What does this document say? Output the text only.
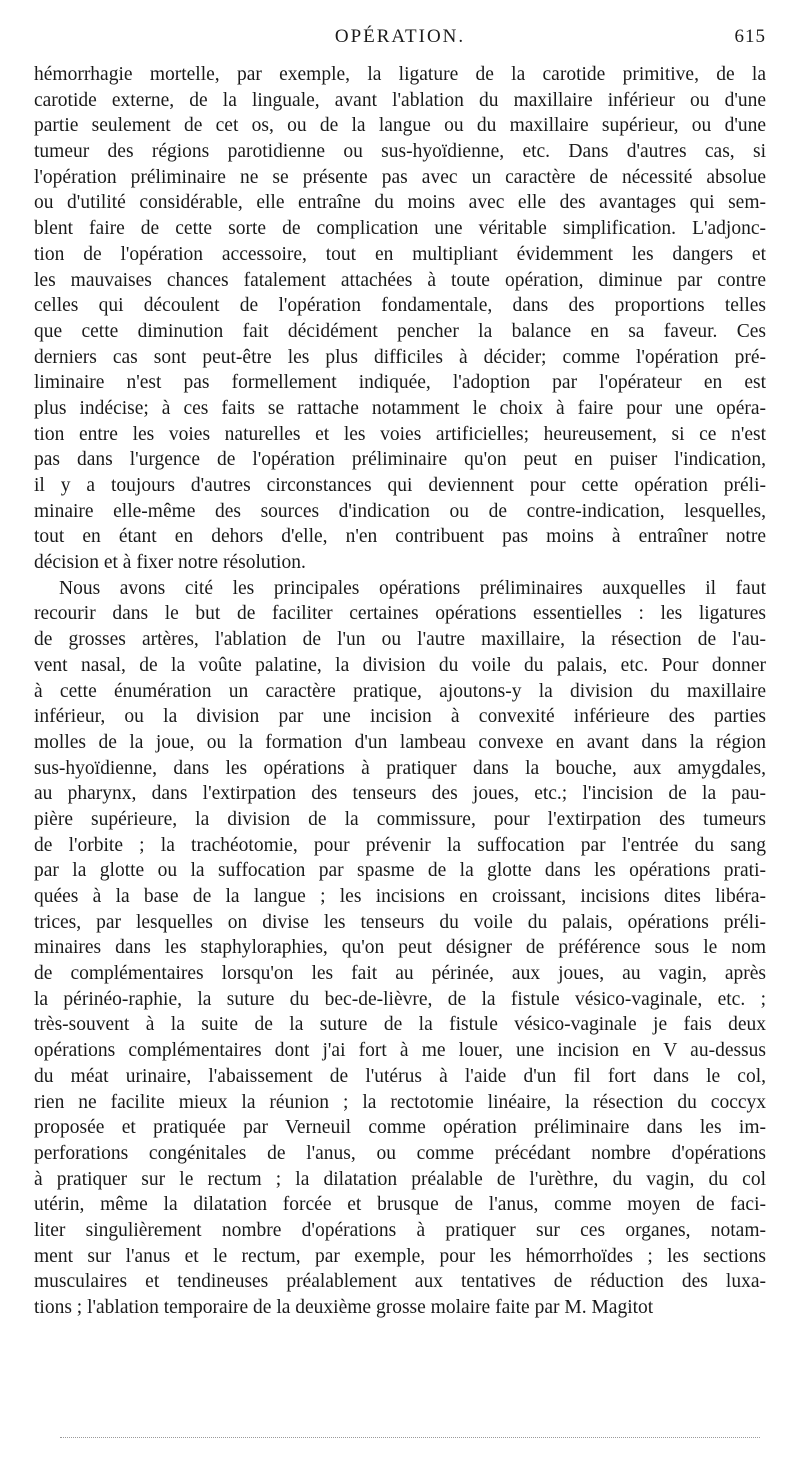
OPÉRATION.	615
hémorrhagie mortelle, par exemple, la ligature de la carotide primitive, de la
carotide externe, de la linguale, avant l'ablation du maxillaire inférieur ou d'une
partie seulement de cet os, ou de la langue ou du maxillaire supérieur, ou d'une
tumeur des régions parotidienne ou sus-hyoïdienne, etc. Dans d'autres cas, si
l'opération préliminaire ne se présente pas avec un caractère de nécessité absolue
ou d'utilité considérable, elle entraîne du moins avec elle des avantages qui sem-
blent faire de cette sorte de complication une véritable simplification. L'adjonc-
tion de l'opération accessoire, tout en multipliant évidemment les dangers et
les mauvaises chances fatalement attachées à toute opération, diminue par contre
celles qui découlent de l'opération fondamentale, dans des proportions telles
que cette diminution fait décidément pencher la balance en sa faveur. Ces
derniers cas sont peut-être les plus difficiles à décider; comme l'opération pré-
liminaire n'est pas formellement indiquée, l'adoption par l'opérateur en est
plus indécise; à ces faits se rattache notamment le choix à faire pour une opéra-
tion entre les voies naturelles et les voies artificielles; heureusement, si ce n'est
pas dans l'urgence de l'opération préliminaire qu'on peut en puiser l'indication,
il y a toujours d'autres circonstances qui deviennent pour cette opération préli-
minaire elle-même des sources d'indication ou de contre-indication, lesquelles,
tout en étant en dehors d'elle, n'en contribuent pas moins à entraîner notre
décision et à fixer notre résolution.
Nous avons cité les principales opérations préliminaires auxquelles il faut
recourir dans le but de faciliter certaines opérations essentielles : les ligatures
de grosses artères, l'ablation de l'un ou l'autre maxillaire, la résection de l'au-
vent nasal, de la voûte palatine, la division du voile du palais, etc. Pour donner
à cette énumération un caractère pratique, ajoutons-y la division du maxillaire
inférieur, ou la division par une incision à convexité inférieure des parties
molles de la joue, ou la formation d'un lambeau convexe en avant dans la région
sus-hyoïdienne, dans les opérations à pratiquer dans la bouche, aux amygdales,
au pharynx, dans l'extirpation des tenseurs des joues, etc.; l'incision de la pau-
pière supérieure, la division de la commissure, pour l'extirpation des tumeurs
de l'orbite ; la trachéotomie, pour prévenir la suffocation par l'entrée du sang
par la glotte ou la suffocation par spasme de la glotte dans les opérations prati-
quées à la base de la langue ; les incisions en croissant, incisions dites libéra-
trices, par lesquelles on divise les tenseurs du voile du palais, opérations préli-
minaires dans les staphyloraphies, qu'on peut désigner de préférence sous le nom
de complémentaires lorsqu'on les fait au périnée, aux joues, au vagin, après
la périnéo-raphie, la suture du bec-de-lièvre, de la fistule vésico-vaginale, etc. ;
très-souvent à la suite de la suture de la fistule vésico-vaginale je fais deux
opérations complémentaires dont j'ai fort à me louer, une incision en V au-dessus
du méat urinaire, l'abaissement de l'utérus à l'aide d'un fil fort dans le col,
rien ne facilite mieux la réunion ; la rectotomie linéaire, la résection du coccyx
proposée et pratiquée par Verneuil comme opération préliminaire dans les im-
perforations congénitales de l'anus, ou comme précédant nombre d'opérations
à pratiquer sur le rectum ; la dilatation préalable de l'urèthre, du vagin, du col
utérin, même la dilatation forcée et brusque de l'anus, comme moyen de faci-
liter singulièrement nombre d'opérations à pratiquer sur ces organes, notam-
ment sur l'anus et le rectum, par exemple, pour les hémorrhoïdes ; les sections
musculaires et tendineuses préalablement aux tentatives de réduction des luxa-
tions ; l'ablation temporaire de la deuxième grosse molaire faite par M. Magitot
